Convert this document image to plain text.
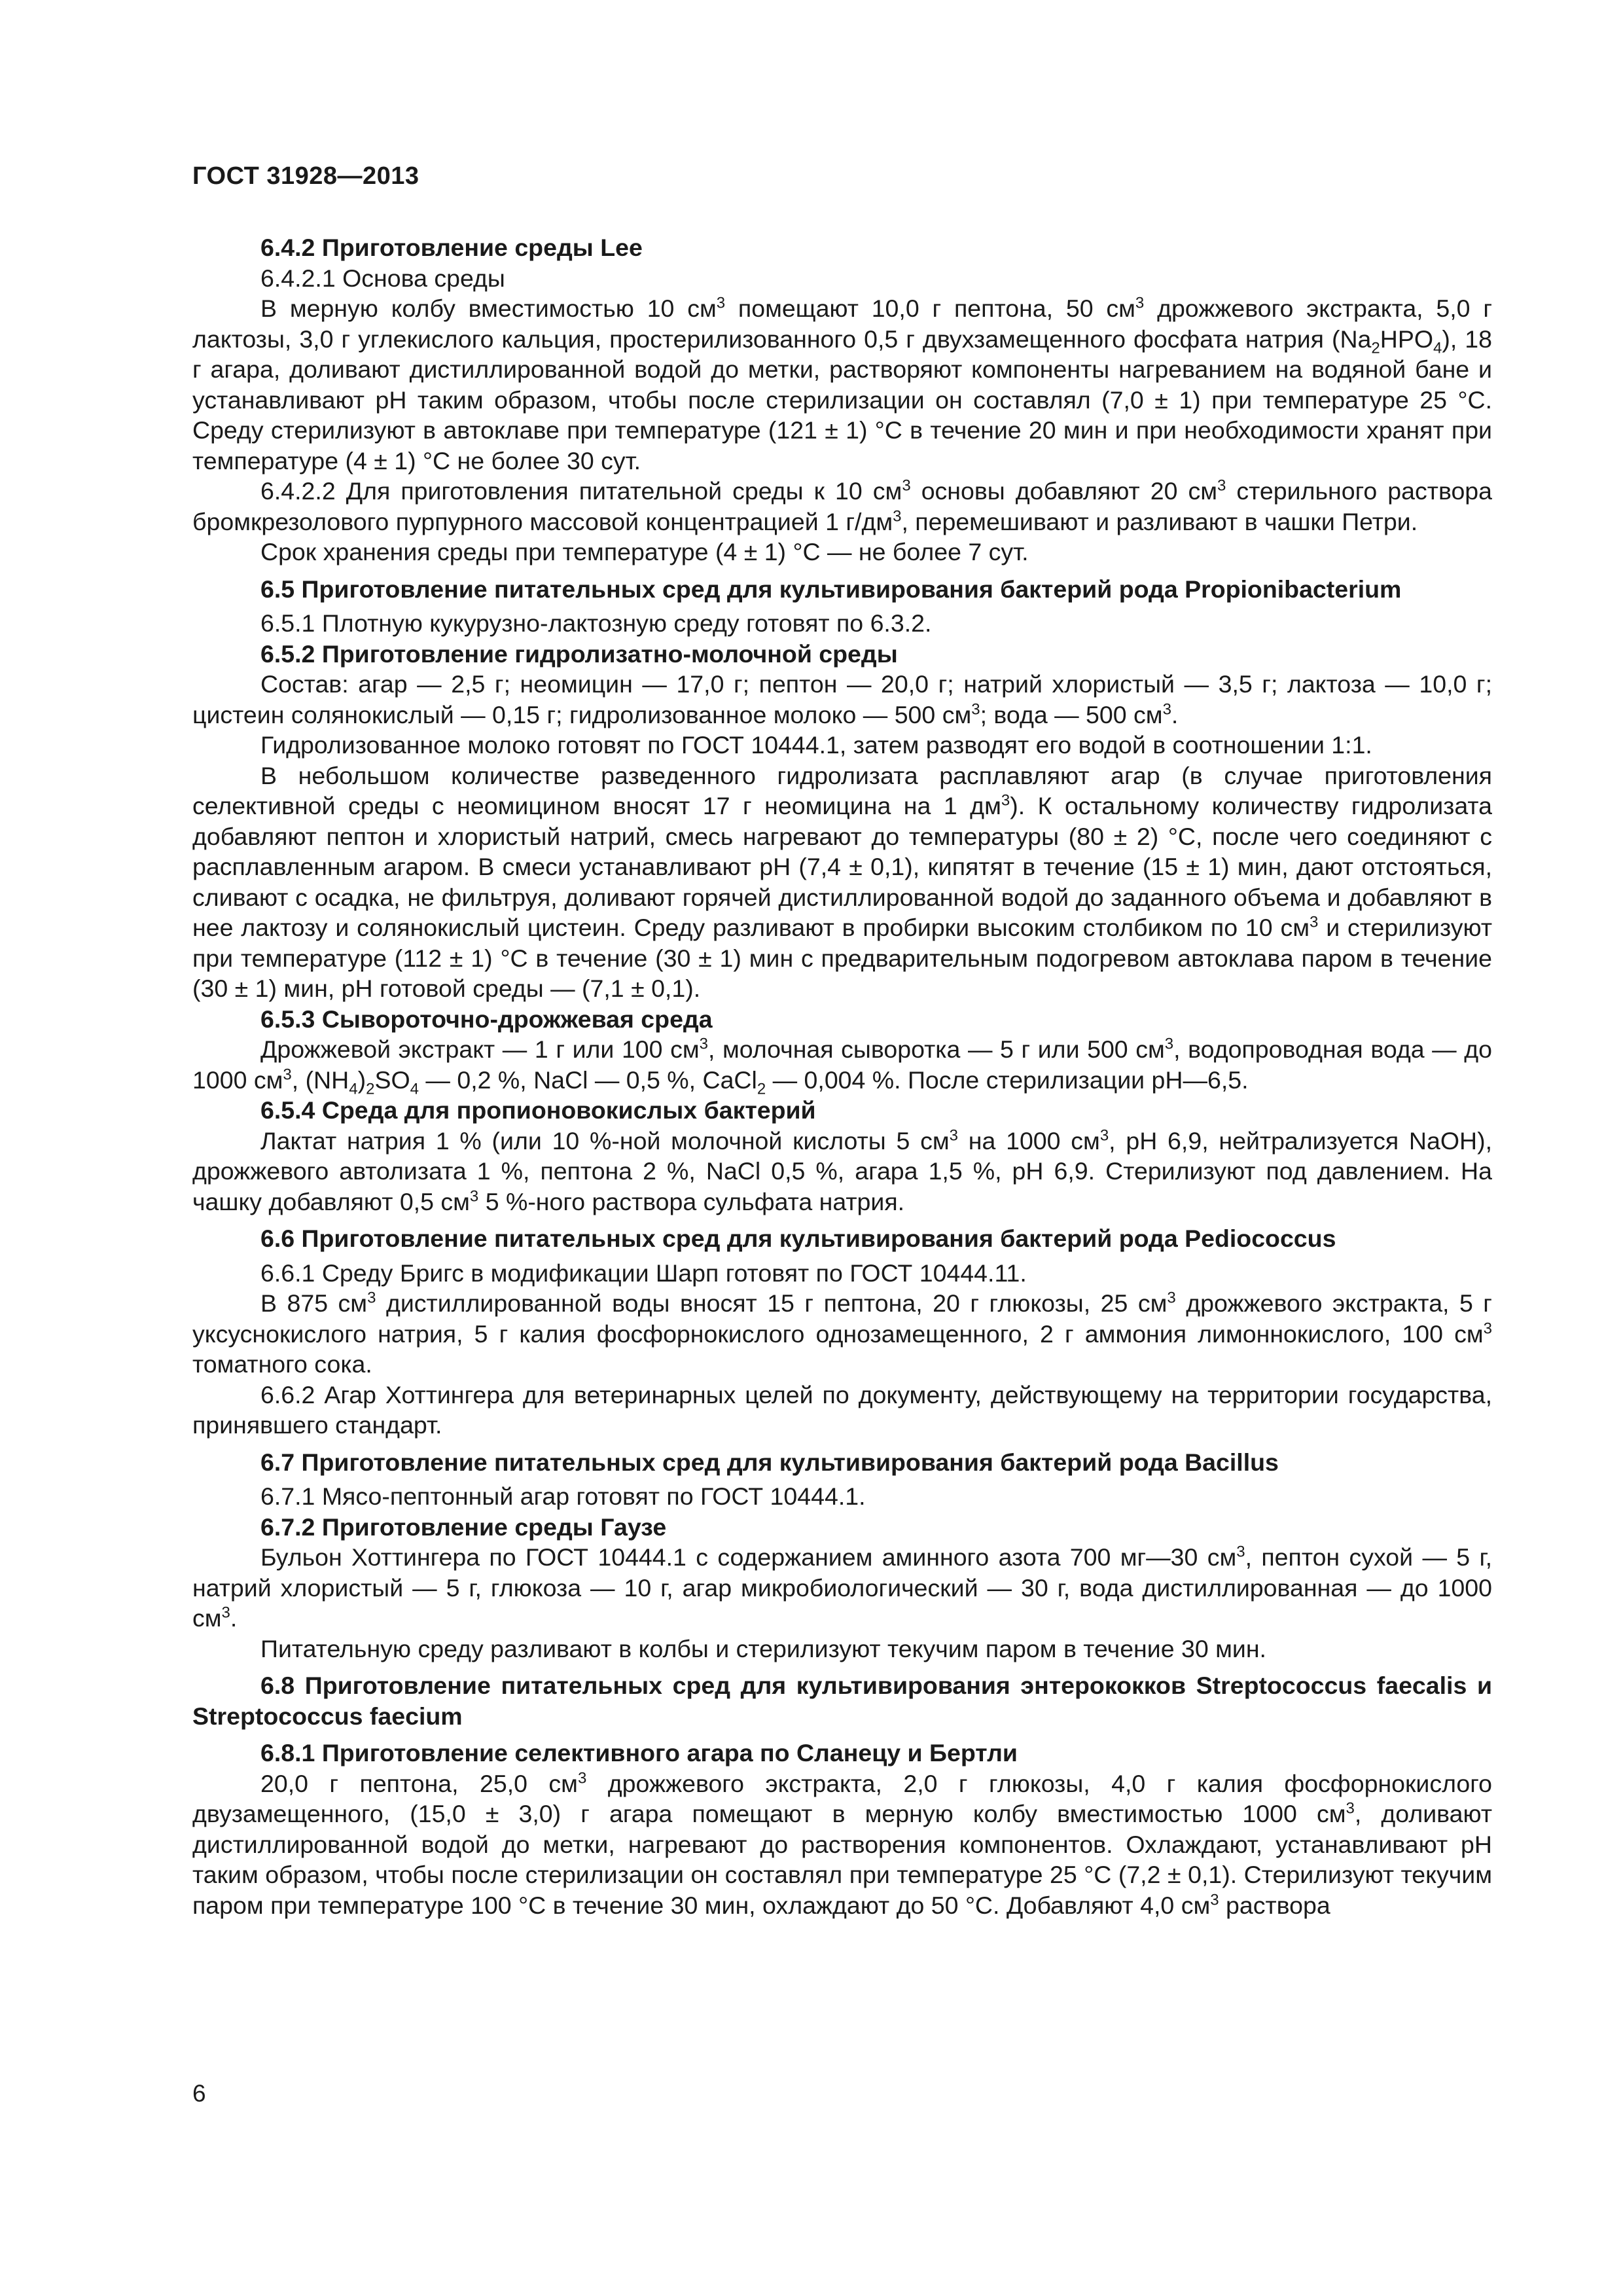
ГОСТ 31928—2013

6.4.2 Приготовление среды Lee

6.4.2.1 Основа среды

В мерную колбу вместимостью 10 $см^3$ помещают 10,0 г пептона, 50 $см^3$ дрожжевого экстракта, 5,0 г лактозы, 3,0 г углекислого кальция, простерилизованного 0,5 г двухзамещенного фосфата натрия $(Na_2HPO_4)$, 18 г агара, доливают дистиллированной водой до метки, растворяют компоненты нагреванием на водяной бане и устанавливают pH таким образом, чтобы после стерилизации он составлял (7,0 ± 1) при температуре 25 °С. Среду стерилизуют в автоклаве при температуре (121 ± 1) °С в течение 20 мин и при необходимости хранят при температуре (4 ± 1) °С не более 30 сут.

6.4.2.2 Для приготовления питательной среды к 10 $см^3$ основы добавляют 20 $см^3$ стерильного раствора бромкрезолового пурпурного массовой концентрацией 1 $г/дм^3$, перемешивают и разливают в чашки Петри.

Срок хранения среды при температуре (4 ± 1) °С — не более 7 сут.

6.5 Приготовление питательных сред для культивирования бактерий рода Propionibacterium

6.5.1 Плотную кукурузно-лактозную среду готовят по 6.3.2.

6.5.2 Приготовление гидролизатно-молочной среды

Состав: агар — 2,5 г; неомицин — 17,0 г; пептон — 20,0 г; натрий хлористый — 3,5 г; лактоза — 10,0 г; цистеин солянокислый — 0,15 г; гидролизованное молоко — 500 $см^3$; вода — 500 $см^3$.

Гидролизованное молоко готовят по ГОСТ 10444.1, затем разводят его водой в соотношении 1:1.

В небольшом количестве разведенного гидролизата расплавляют агар (в случае приготовления селективной среды с неомицином вносят 17 г неомицина на 1 $дм^3$). К остальному количеству гидролизата добавляют пептон и хлористый натрий, смесь нагревают до температуры (80 ± 2) °С, после чего соединяют с расплавленным агаром. В смеси устанавливают pH (7,4 ± 0,1), кипятят в течение (15 ± 1) мин, дают отстояться, сливают с осадка, не фильтруя, доливают горячей дистиллированной водой до заданного объема и добавляют в нее лактозу и солянокислый цистеин. Среду разливают в пробирки высоким столбиком по 10 $см^3$ и стерилизуют при температуре (112 ± 1) °С в течение (30 ± 1) мин с предварительным подогревом автоклава паром в течение (30 ± 1) мин, pH готовой среды — (7,1 ± 0,1).

6.5.3 Сывороточно-дрожжевая среда

Дрожжевой экстракт — 1 г или 100 $см^3$, молочная сыворотка — 5 г или 500 $см^3$, водопроводная вода — до 1000 $см^3$, $(NH_4)_2SO_4$ — 0,2 %, NaCl — 0,5 %, CaCl$_2$ — 0,004 %. После стерилизации pH—6,5.

6.5.4 Среда для пропионовокислых бактерий

Лактат натрия 1 % (или 10 %-ной молочной кислоты 5 $см^3$ на 1000 $см^3$, pH 6,9, нейтрализуется NaOH), дрожжевого автолизата 1 %, пептона 2 %, NaCl 0,5 %, агара 1,5 %, pH 6,9. Стерилизуют под давлением. На чашку добавляют 0,5 $см^3$ 5 %-ного раствора сульфата натрия.

6.6 Приготовление питательных сред для культивирования бактерий рода Pediococcus

6.6.1 Среду Бригс в модификации Шарп готовят по ГОСТ 10444.11.

В 875 $см^3$ дистиллированной воды вносят 15 г пептона, 20 г глюкозы, 25 $см^3$ дрожжевого экстракта, 5 г уксуснокислого натрия, 5 г калия фосфорнокислого однозамещенного, 2 г аммония лимоннокислого, 100 $см^3$ томатного сока.

6.6.2 Агар Хоттингера для ветеринарных целей по документу, действующему на территории государства, принявшего стандарт.

6.7 Приготовление питательных сред для культивирования бактерий рода Bacillus

6.7.1 Мясо-пептонный агар готовят по ГОСТ 10444.1.

6.7.2 Приготовление среды Гаузе

Бульон Хоттингера по ГОСТ 10444.1 с содержанием аминного азота 700 мг—30 $см^3$, пептон сухой — 5 г, натрий хлористый — 5 г, глюкоза — 10 г, агар микробиологический — 30 г, вода дистиллированная — до 1000 $см^3$.

Питательную среду разливают в колбы и стерилизуют текучим паром в течение 30 мин.

6.8 Приготовление питательных сред для культивирования энтерококков Streptococcus faecalis и Streptococcus faecium

6.8.1 Приготовление селективного агара по Сланецу и Бертли

20,0 г пептона, 25,0 $см^3$ дрожжевого экстракта, 2,0 г глюкозы, 4,0 г калия фосфорнокислого двузамещенного, (15,0 ± 3,0) г агара помещают в мерную колбу вместимостью 1000 $см^3$, доливают дистиллированной водой до метки, нагревают до растворения компонентов. Охлаждают, устанавливают pH таким образом, чтобы после стерилизации он составлял при температуре 25 °С (7,2 ± 0,1). Стерилизуют текучим паром при температуре 100 °С в течение 30 мин, охлаждают до 50 °С. Добавляют 4,0 $см^3$ раствора

6
